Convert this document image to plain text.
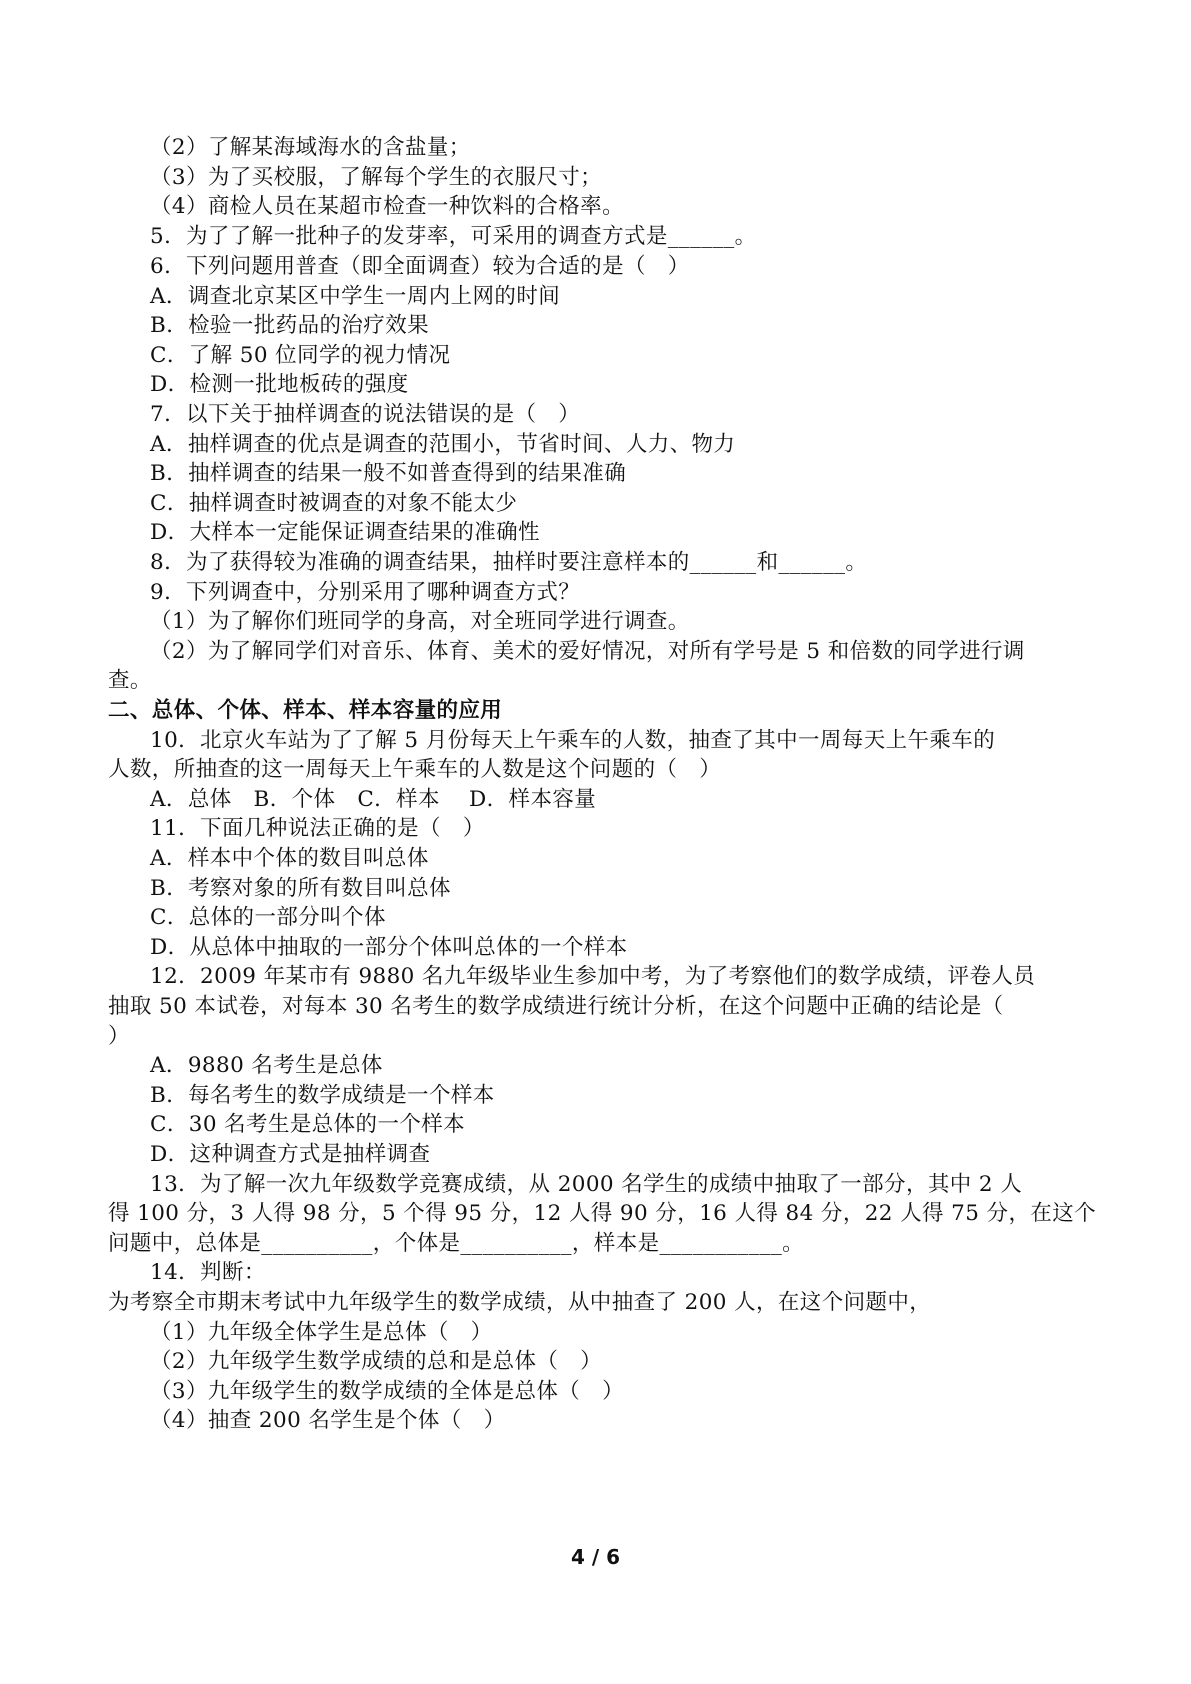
（2）了解某海域海水的含盐量；
（3）为了买校服，了解每个学生的衣服尺寸；
（4）商检人员在某超市检查一种饮料的合格率。
5．为了了解一批种子的发芽率，可采用的调查方式是______。
6．下列问题用普查（即全面调查）较为合适的是（　）
A．调查北京某区中学生一周内上网的时间
B．检验一批药品的治疗效果
C．了解 50 位同学的视力情况
D．检测一批地板砖的强度
7．以下关于抽样调查的说法错误的是（　）
A．抽样调查的优点是调查的范围小，节省时间、人力、物力
B．抽样调查的结果一般不如普查得到的结果准确
C．抽样调查时被调查的对象不能太少
D．大样本一定能保证调查结果的准确性
8．为了获得较为准确的调查结果，抽样时要注意样本的______和______。
9．下列调查中，分别采用了哪种调查方式？
（1）为了解你们班同学的身高，对全班同学进行调查。
（2）为了解同学们对音乐、体育、美术的爱好情况，对所有学号是 5 和倍数的同学进行调
查。
二、总体、个体、样本、样本容量的应用
10．北京火车站为了了解 5 月份每天上午乘车的人数，抽查了其中一周每天上午乘车的
人数，所抽查的这一周每天上午乘车的人数是这个问题的（　）
A．总体　B．个体　C．样本　 D．样本容量
11．下面几种说法正确的是（　）
A．样本中个体的数目叫总体
B．考察对象的所有数目叫总体
C．总体的一部分叫个体
D．从总体中抽取的一部分个体叫总体的一个样本
12．2009 年某市有 9880 名九年级毕业生参加中考，为了考察他们的数学成绩，评卷人员
抽取 50 本试卷，对每本 30 名考生的数学成绩进行统计分析，在这个问题中正确的结论是（
）
A．9880 名考生是总体
B．每名考生的数学成绩是一个样本
C．30 名考生是总体的一个样本
D．这种调查方式是抽样调查
13．为了解一次九年级数学竞赛成绩，从 2000 名学生的成绩中抽取了一部分，其中 2 人
得 100 分，3 人得 98 分，5 个得 95 分，12 人得 90 分，16 人得 84 分，22 人得 75 分，在这个
问题中，总体是__________，个体是__________，样本是___________。
14．判断：
为考察全市期末考试中九年级学生的数学成绩，从中抽查了 200 人，在这个问题中，
（1）九年级全体学生是总体（　）
（2）九年级学生数学成绩的总和是总体（　）
（3）九年级学生的数学成绩的全体是总体（　）
（4）抽查 200 名学生是个体（　）
4 / 6
